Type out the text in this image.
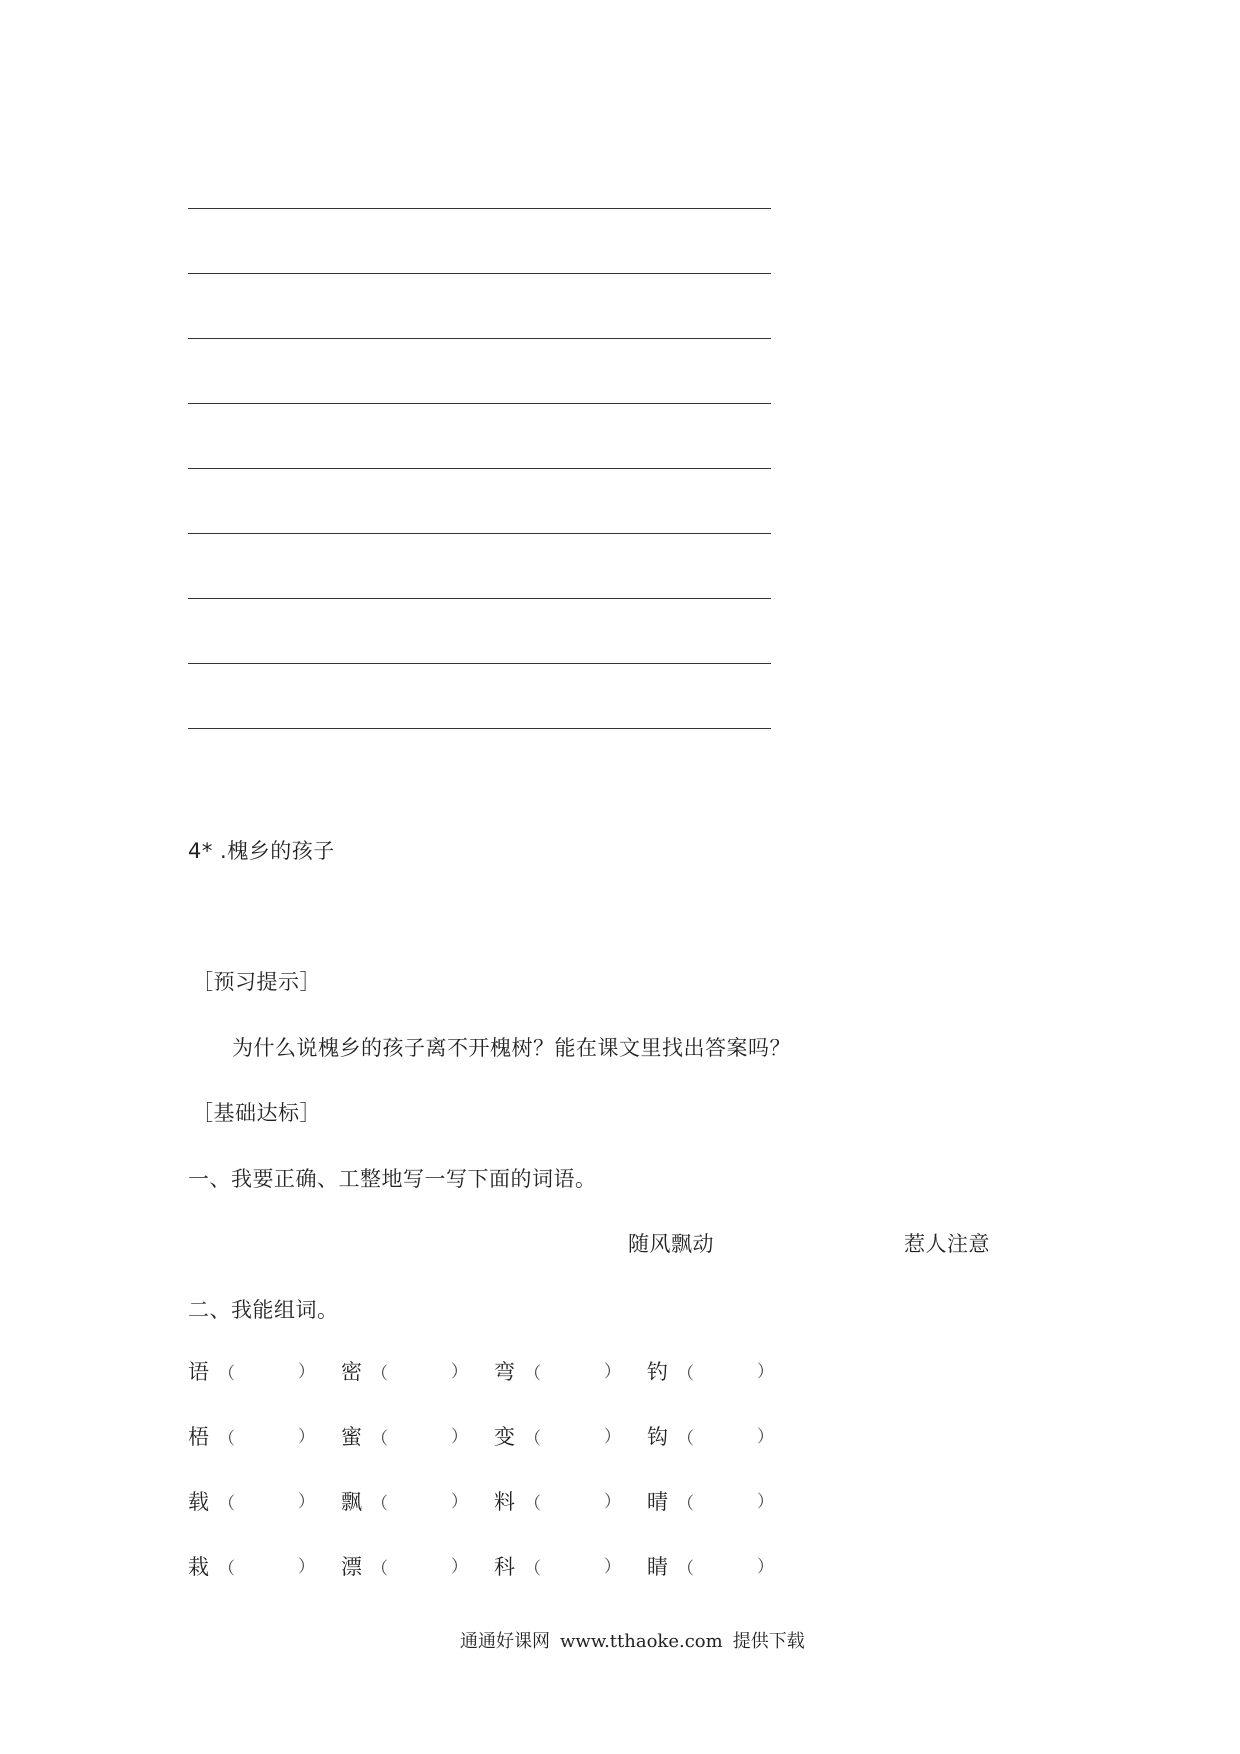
4* .槐乡的孩子
［预习提示］
为什么说槐乡的孩子离不开槐树？能在课文里找出答案吗？
［基础达标］
一、我要正确、工整地写一写下面的词语。
随风飘动	惹人注意
二、我能组词。
语 （	） 密 （	） 弯 （	） 钓 （	）
梧 （	） 蜜 （	） 变 （	） 钩 （	）
载 （	） 飘 （	） 料 （	） 晴 （	）
栽 （	） 漂 （	） 科 （	） 睛 （	）
通通好课网 www.tthaoke.com 提供下载
